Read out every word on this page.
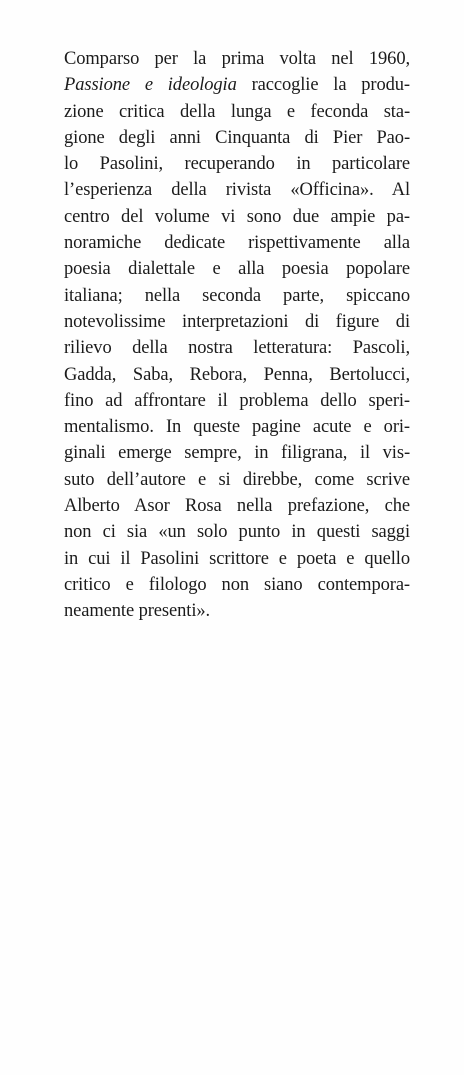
Comparso per la prima volta nel 1960,
Passione e ideologia raccoglie la produ-
zione critica della lunga e feconda sta-
gione degli anni Cinquanta di Pier Pao-
lo Pasolini, recuperando in particolare
l’esperienza della rivista «Officina». Al
centro del volume vi sono due ampie pa-
noramiche dedicate rispettivamente alla
poesia dialettale e alla poesia popolare
italiana; nella seconda parte, spiccano
notevolissime interpretazioni di figure di
rilievo della nostra letteratura: Pascoli,
Gadda, Saba, Rebora, Penna, Bertolucci,
fino ad affrontare il problema dello speri-
mentalismo. In queste pagine acute e ori-
ginali emerge sempre, in filigrana, il vis-
suto dell’autore e si direbbe, come scrive
Alberto Asor Rosa nella prefazione, che
non ci sia «un solo punto in questi saggi
in cui il Pasolini scrittore e poeta e quello
critico e filologo non siano contempora-
neamente presenti».
